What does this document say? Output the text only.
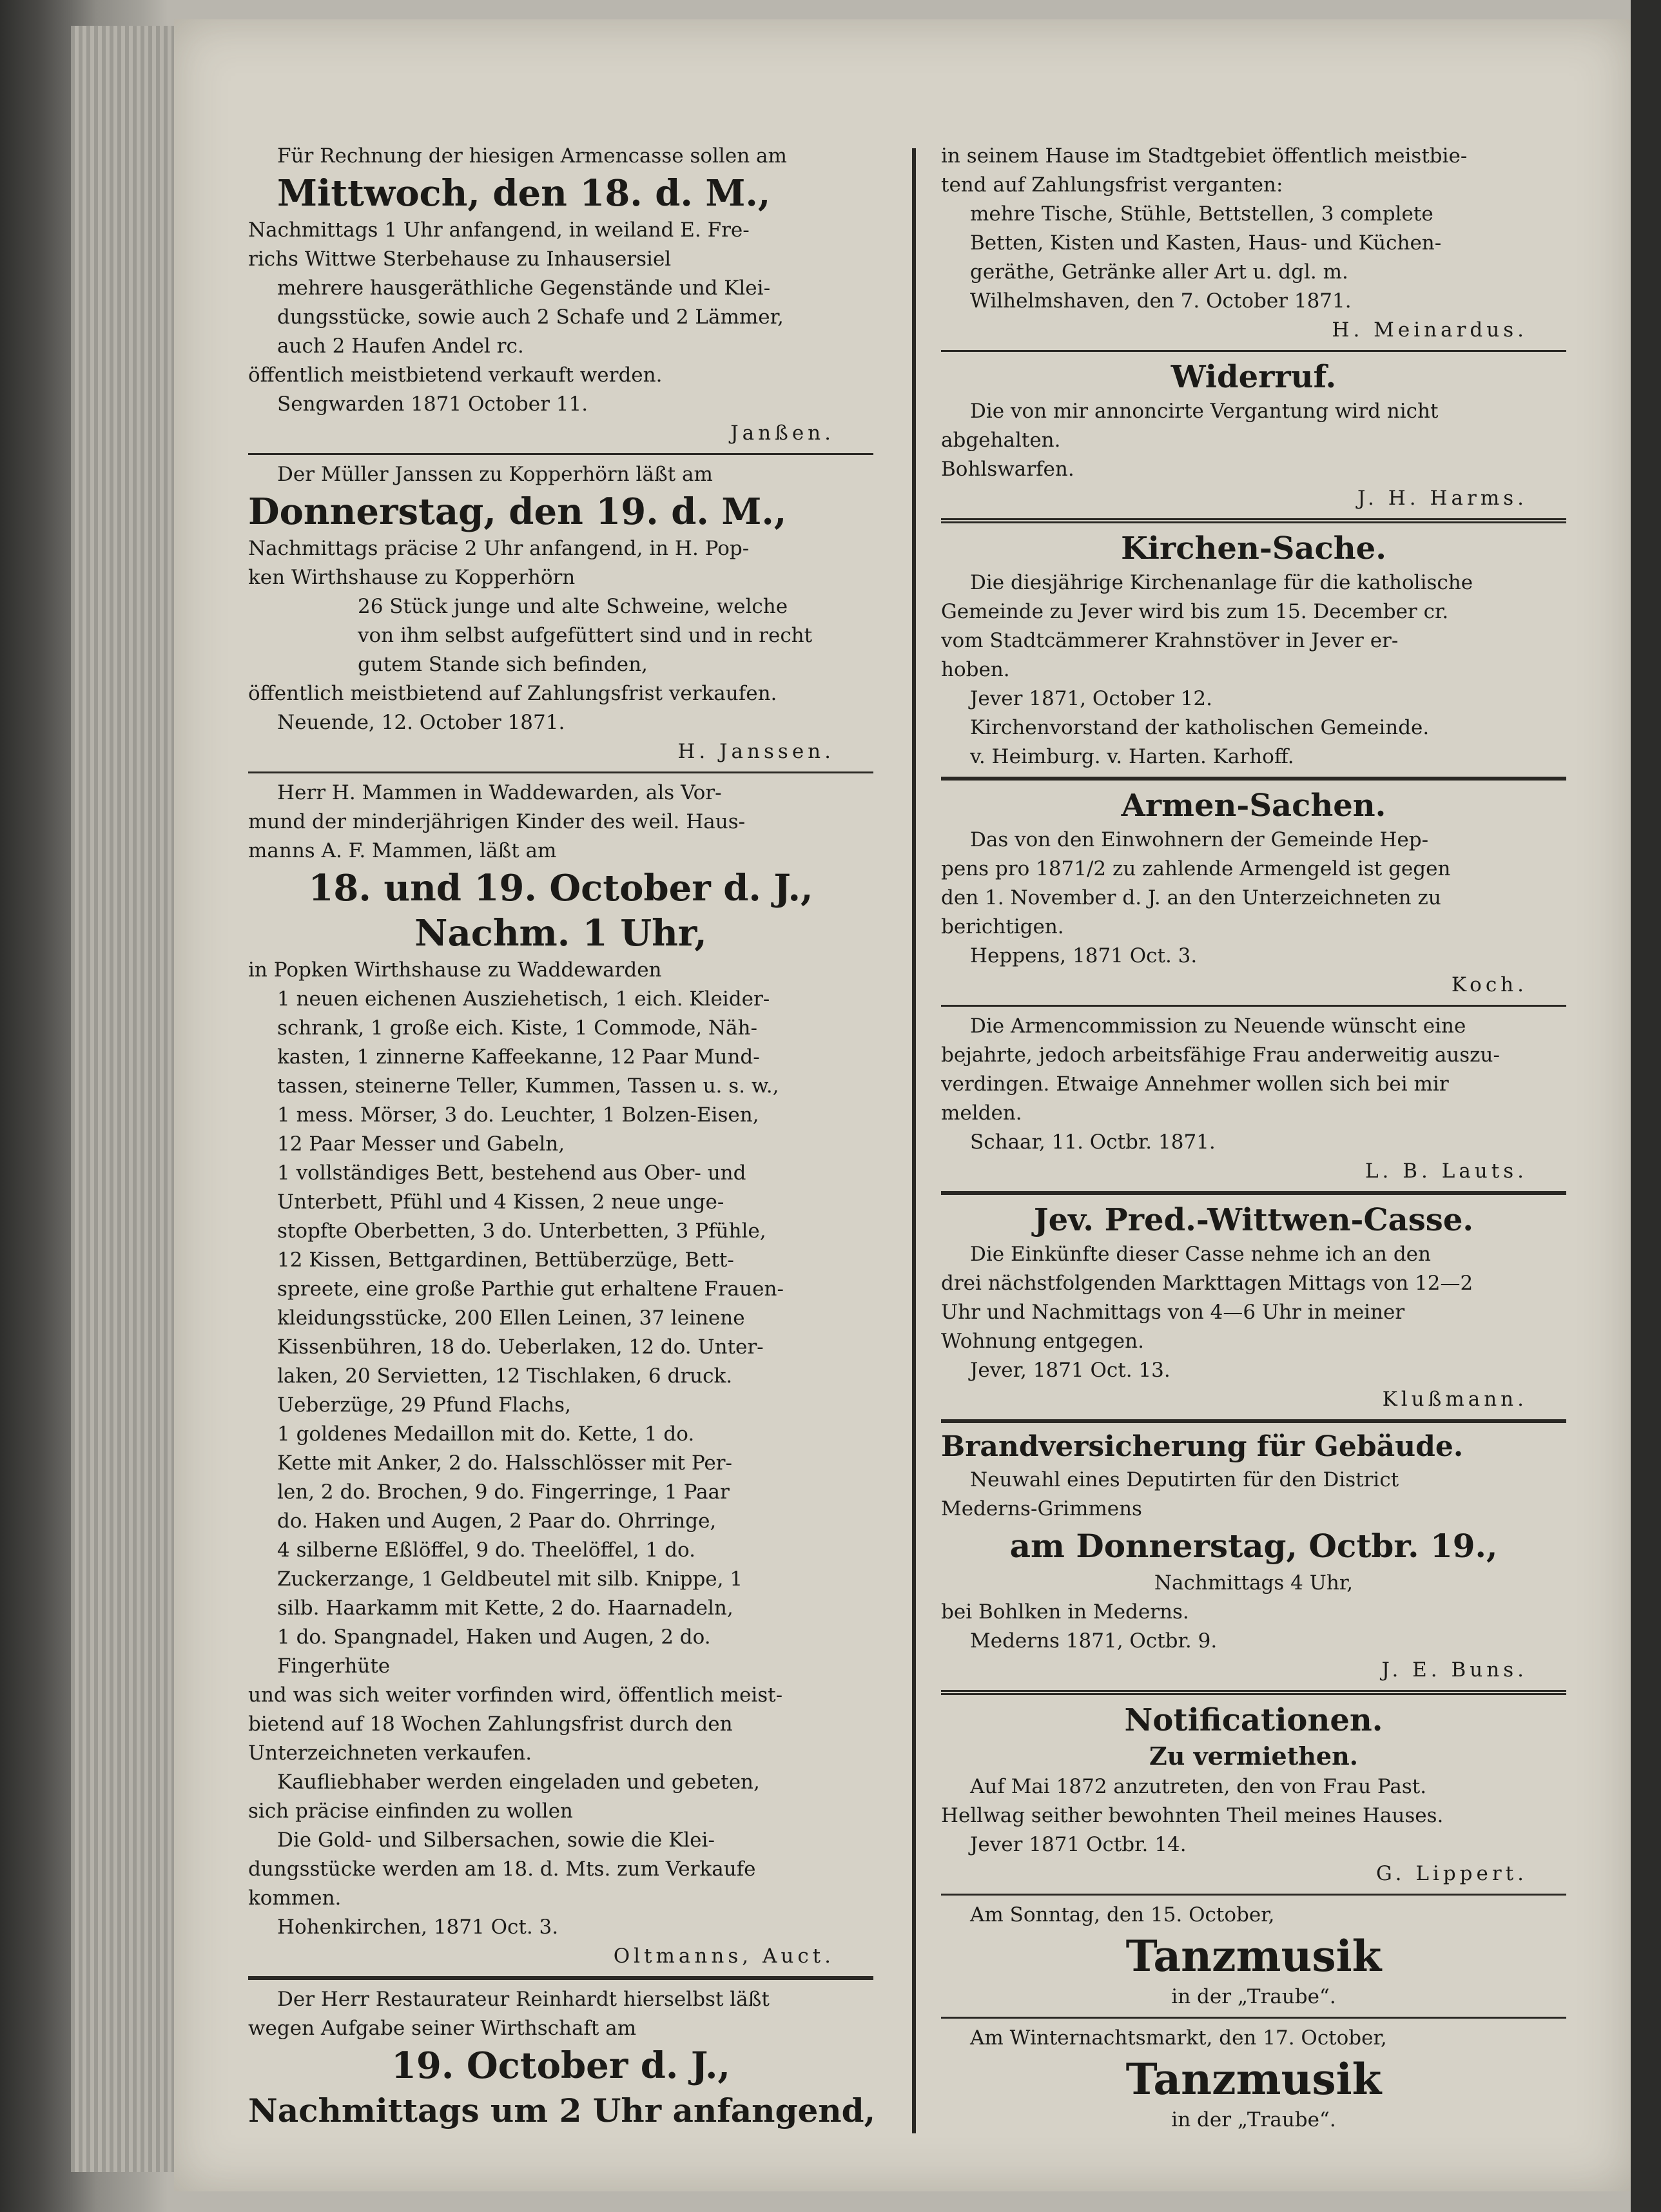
Für Rechnung der hiesigen Armencasse sollen am

Mittwoch, den 18. d. M.,

Nachmittags 1 Uhr anfangend, in weiland E. Fre-

richs Wittwe Sterbehause zu Inhausersiel

mehrere hausgeräthliche Gegenstände und Klei-

dungsstücke, sowie auch 2 Schafe und 2 Lämmer,

auch 2 Haufen Andel rc.

öffentlich meistbietend verkauft werden.

Sengwarden 1871 October 11.

Janßen.

Der Müller Janssen zu Kopperhörn läßt am

Donnerstag, den 19. d. M.,

Nachmittags präcise 2 Uhr anfangend, in H. Pop-

ken Wirthshause zu Kopperhörn

26 Stück junge und alte Schweine, welche

von ihm selbst aufgefüttert sind und in recht

gutem Stande sich befinden,

öffentlich meistbietend auf Zahlungsfrist verkaufen.

Neuende, 12. October 1871.

H. Janssen.

Herr H. Mammen in Waddewarden, als Vor-

mund der minderjährigen Kinder des weil. Haus-

manns A. F. Mammen, läßt am

18. und 19. October d. J.,

Nachm. 1 Uhr,

in Popken Wirthshause zu Waddewarden

1 neuen eichenen Ausziehetisch, 1 eich. Kleider-

schrank, 1 große eich. Kiste, 1 Commode, Näh-

kasten, 1 zinnerne Kaffeekanne, 12 Paar Mund-

tassen, steinerne Teller, Kummen, Tassen u. s. w.,

1 mess. Mörser, 3 do. Leuchter, 1 Bolzen-Eisen,

12 Paar Messer und Gabeln,

1 vollständiges Bett, bestehend aus Ober- und

Unterbett, Pfühl und 4 Kissen, 2 neue unge-

stopfte Oberbetten, 3 do. Unterbetten, 3 Pfühle,

12 Kissen, Bettgardinen, Bettüberzüge, Bett-

spreete, eine große Parthie gut erhaltene Frauen-

kleidungsstücke, 200 Ellen Leinen, 37 leinene

Kissenbühren, 18 do. Ueberlaken, 12 do. Unter-

laken, 20 Servietten, 12 Tischlaken, 6 druck.

Ueberzüge, 29 Pfund Flachs,

1 goldenes Medaillon mit do. Kette, 1 do.

Kette mit Anker, 2 do. Halsschlösser mit Per-

len, 2 do. Brochen, 9 do. Fingerringe, 1 Paar

do. Haken und Augen, 2 Paar do. Ohrringe,

4 silberne Eßlöffel, 9 do. Theelöffel, 1 do.

Zuckerzange, 1 Geldbeutel mit silb. Knippe, 1

silb. Haarkamm mit Kette, 2 do. Haarnadeln,

1 do. Spangnadel, Haken und Augen, 2 do.

Fingerhüte

und was sich weiter vorfinden wird, öffentlich meist-

bietend auf 18 Wochen Zahlungsfrist durch den

Unterzeichneten verkaufen.

Kaufliebhaber werden eingeladen und gebeten,

sich präcise einfinden zu wollen

Die Gold- und Silbersachen, sowie die Klei-

dungsstücke werden am 18. d. Mts. zum Verkaufe

kommen.

Hohenkirchen, 1871 Oct. 3.

Oltmanns, Auct.

Der Herr Restaurateur Reinhardt hierselbst läßt

wegen Aufgabe seiner Wirthschaft am

19. October d. J.,

Nachmittags um 2 Uhr anfangend,

in seinem Hause im Stadtgebiet öffentlich meistbie-

tend auf Zahlungsfrist verganten:

mehre Tische, Stühle, Bettstellen, 3 complete

Betten, Kisten und Kasten, Haus- und Küchen-

geräthe, Getränke aller Art u. dgl. m.

Wilhelmshaven, den 7. October 1871.

H. Meinardus.

Widerruf.

Die von mir annoncirte Vergantung wird nicht

abgehalten.

Bohlswarfen.

J. H. Harms.

Kirchen-Sache.

Die diesjährige Kirchenanlage für die katholische

Gemeinde zu Jever wird bis zum 15. December cr.

vom Stadtcämmerer Krahnstöver in Jever er-

hoben.

Jever 1871, October 12.

Kirchenvorstand der katholischen Gemeinde.

v. Heimburg. v. Harten. Karhoff.

Armen-Sachen.

Das von den Einwohnern der Gemeinde Hep-

pens pro 1871/2 zu zahlende Armengeld ist gegen

den 1. November d. J. an den Unterzeichneten zu

berichtigen.

Heppens, 1871 Oct. 3.

Koch.

Die Armencommission zu Neuende wünscht eine

bejahrte, jedoch arbeitsfähige Frau anderweitig auszu-

verdingen. Etwaige Annehmer wollen sich bei mir

melden.

Schaar, 11. Octbr. 1871.

L. B. Lauts.

Jev. Pred.-Wittwen-Casse.

Die Einkünfte dieser Casse nehme ich an den

drei nächstfolgenden Markttagen Mittags von 12—2

Uhr und Nachmittags von 4—6 Uhr in meiner

Wohnung entgegen.

Jever, 1871 Oct. 13.

Klußmann.

Brandversicherung für Gebäude.

Neuwahl eines Deputirten für den District

Mederns-Grimmens

am Donnerstag, Octbr. 19.,

Nachmittags 4 Uhr,

bei Bohlken in Mederns.

Mederns 1871, Octbr. 9.

J. E. Buns.

Notificationen.

Zu vermiethen.

Auf Mai 1872 anzutreten, den von Frau Past.

Hellwag seither bewohnten Theil meines Hauses.

Jever 1871 Octbr. 14.

G. Lippert.

Am Sonntag, den 15. October,

Tanzmusik

in der „Traube“.

Am Winternachtsmarkt, den 17. October,

Tanzmusik

in der „Traube“.
